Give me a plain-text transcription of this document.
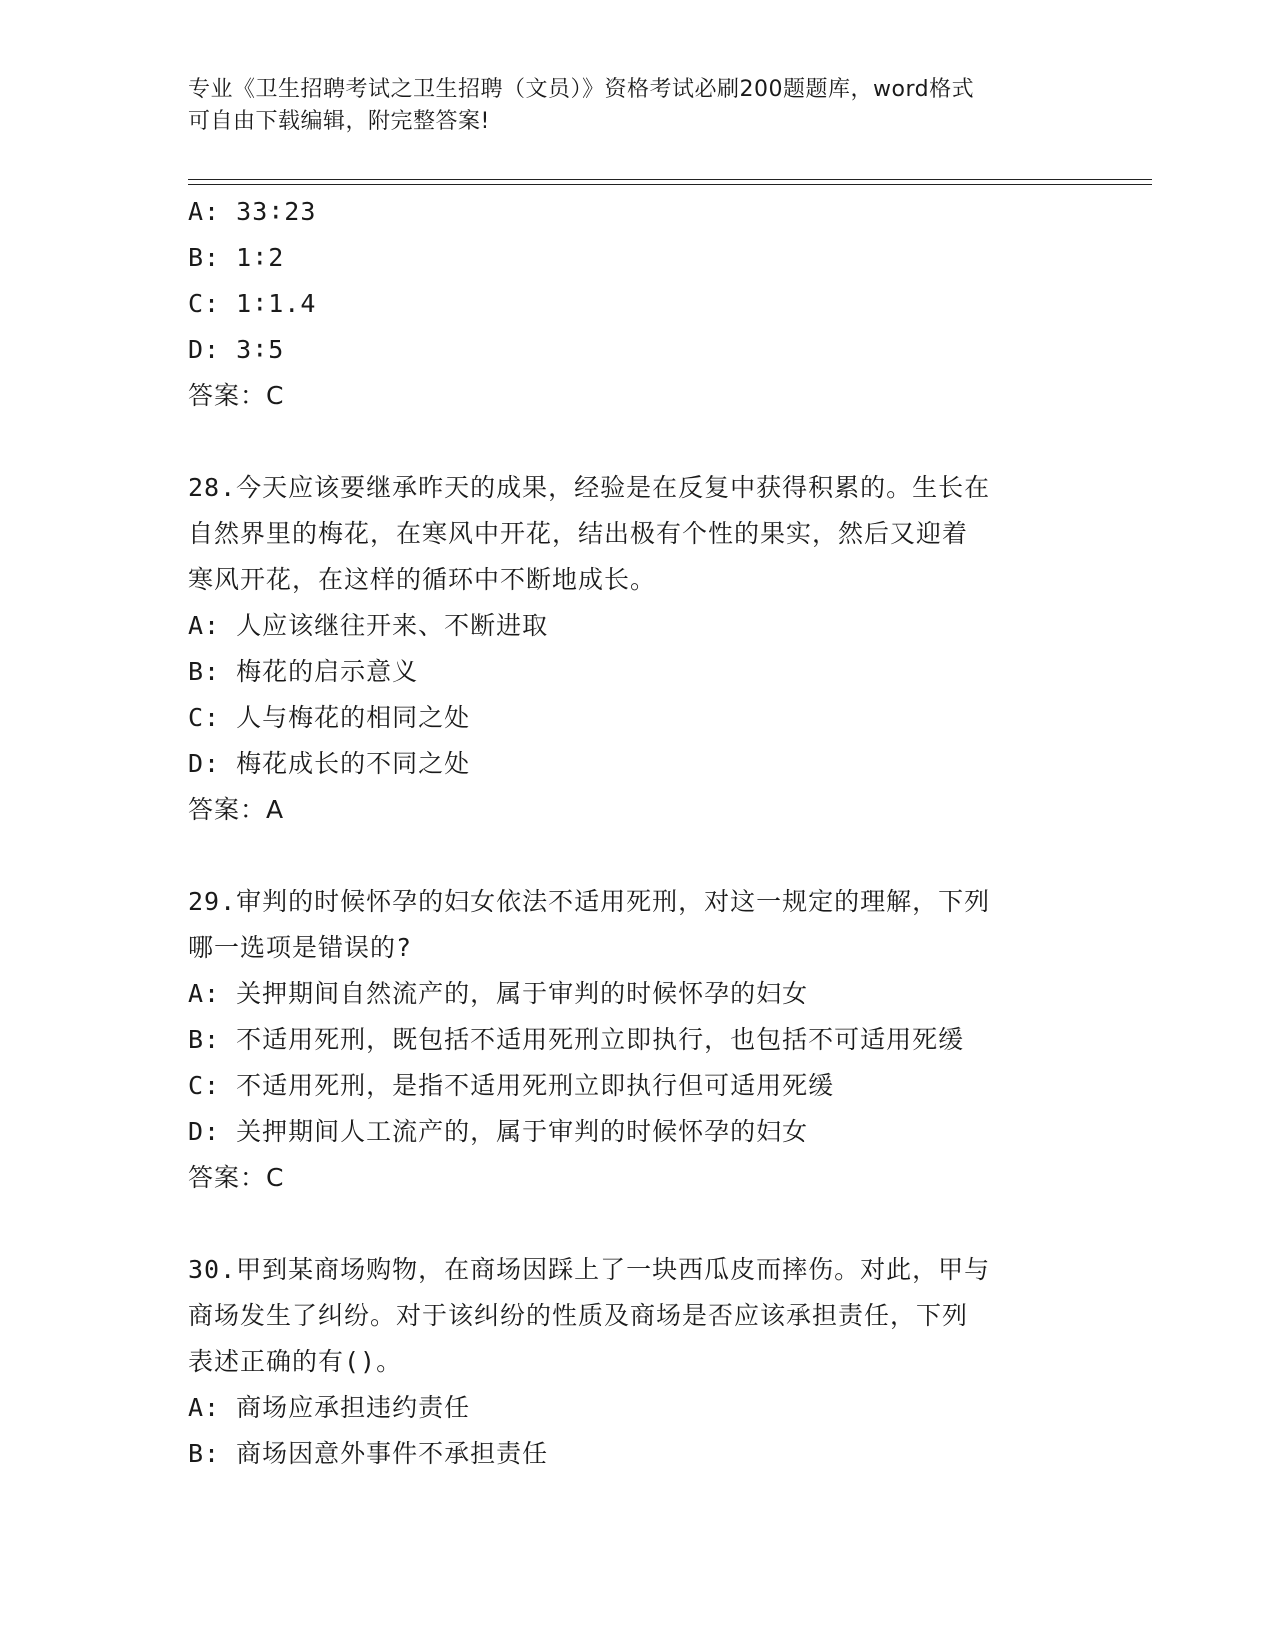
专业《卫生招聘考试之卫生招聘（文员）》资格考试必刷200题题库，word格式
可自由下载编辑，附完整答案!
A: 33∶23
B: 1∶2
C: 1∶1.4
D: 3∶5
答案：C
28.今天应该要继承昨天的成果，经验是在反复中获得积累的。生长在
自然界里的梅花，在寒风中开花，结出极有个性的果实，然后又迎着
寒风开花，在这样的循环中不断地成长。
A: 人应该继往开来、不断进取
B: 梅花的启示意义
C: 人与梅花的相同之处
D: 梅花成长的不同之处
答案：A
29.审判的时候怀孕的妇女依法不适用死刑，对这一规定的理解，下列
哪一选项是错误的?
A: 关押期间自然流产的，属于审判的时候怀孕的妇女
B: 不适用死刑，既包括不适用死刑立即执行，也包括不可适用死缓
C: 不适用死刑，是指不适用死刑立即执行但可适用死缓
D: 关押期间人工流产的，属于审判的时候怀孕的妇女
答案：C
30.甲到某商场购物，在商场因踩上了一块西瓜皮而摔伤。对此，甲与
商场发生了纠纷。对于该纠纷的性质及商场是否应该承担责任，下列
表述正确的有()。
A: 商场应承担违约责任
B: 商场因意外事件不承担责任
